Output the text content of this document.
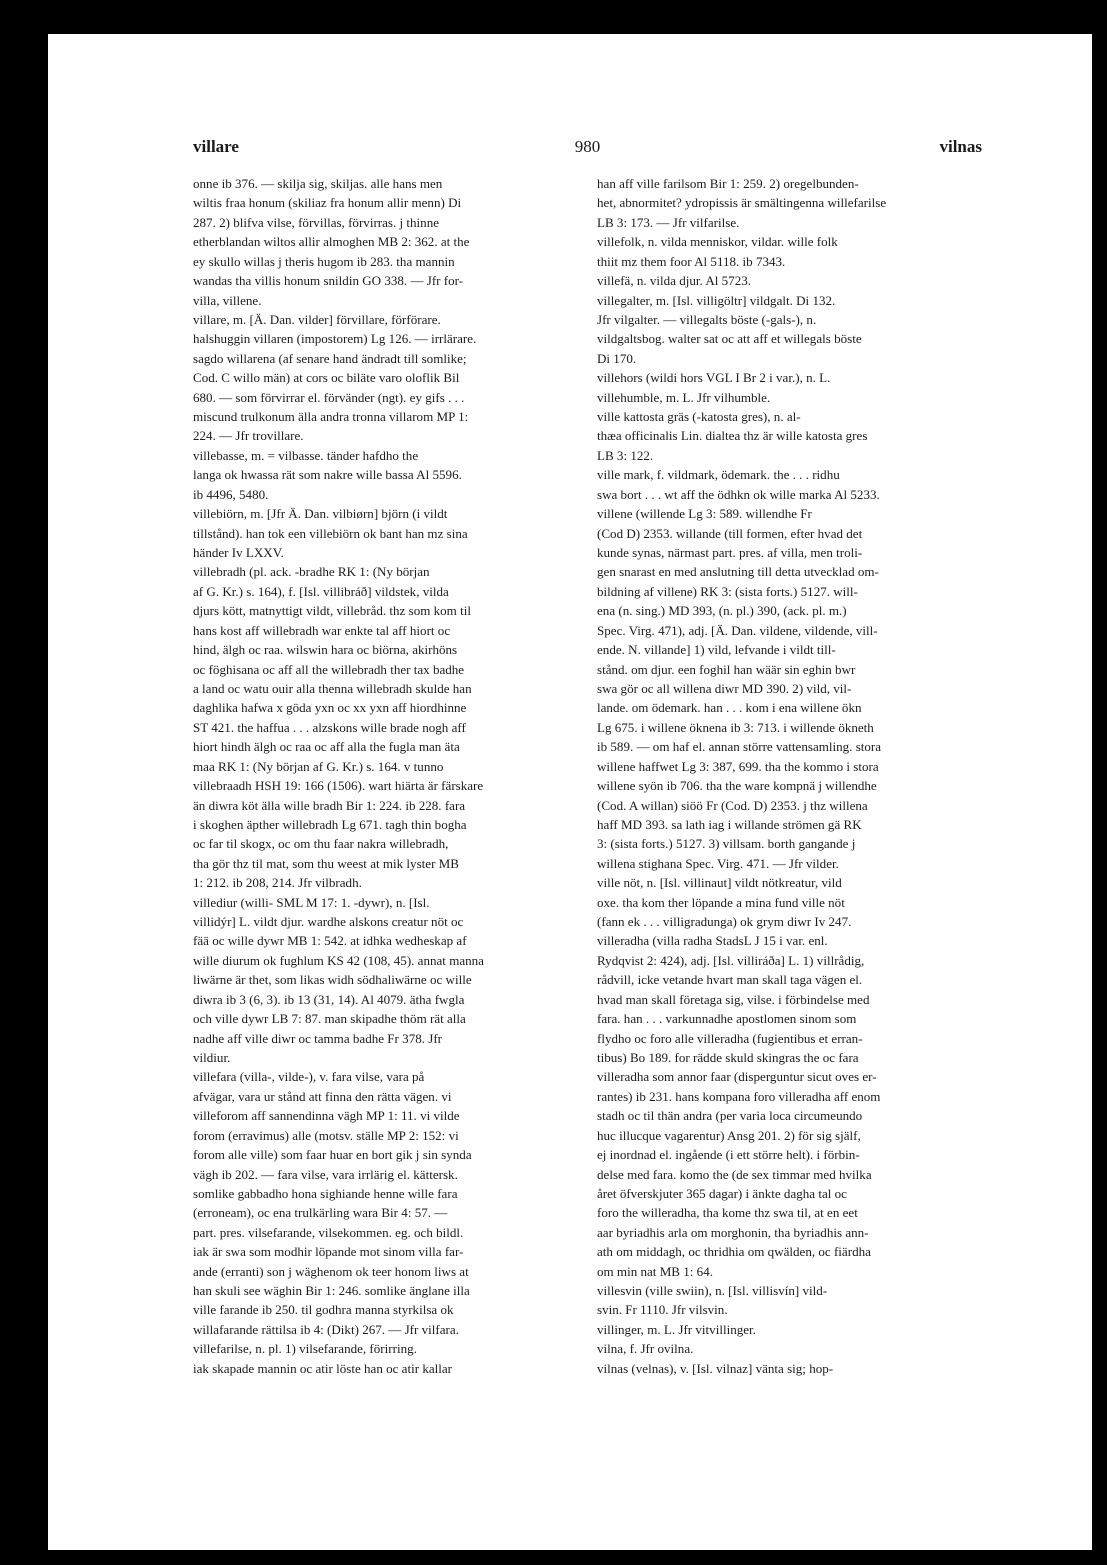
villare	980	vilnas
onne ib 376. — skilja sig, skiljas. alle hans men
wiltis fraa honum (skiliaz fra honum allir menn) Di
287. 2) blifva vilse, förvillas, förvirras. j thinne
etherblandan wiltos allir almoghen MB 2: 362. at the
ey skullo willas j theris hugom ib 283. tha mannin
wandas tha villis honum snildin GO 338. — Jfr for-
villa, villene.
villare, m. [Ä. Dan. vilder] förvillare, förförare.
halshuggin villaren (impostorem) Lg 126. — irrlärare.
sagdo willarena (af senare hand ändradt till somlike;
Cod. C willo män) at cors oc biläte varo oloflik Bil
680. — som förvirrar el. förvänder (ngt). ey gifs . . .
miscund trulkonum älla andra tronna villarom MP 1:
224. — Jfr trovillare.
villebasse, m. = vilbasse. tänder hafdho the
langa ok hwassa rät som nakre wille bassa Al 5596.
ib 4496, 5480.
villebiörn, m. [Jfr Ä. Dan. vilbiørn] björn (i vildt
tillstånd). han tok een villebiörn ok bant han mz sina
händer Iv LXXV.
villebradh (pl. ack. -bradhe RK 1: (Ny början
af G. Kr.) s. 164), f. [Isl. villibráð] vildstek, vilda
djurs kött, matnyttigt vildt, villebråd. thz som kom til
hans kost aff willebradh war enkte tal aff hiort oc
hind, älgh oc raa. wilswin hara oc biörna, akirhöns
oc föghisana oc aff all the willebradh ther tax badhe
a land oc watu ouir alla thenna willebradh skulde han
daghlika hafwa x göda yxn oc xx yxn aff hiordhinne
ST 421. the haffua . . . alzskons wille brade nogh aff
hiort hindh älgh oc raa oc aff alla the fugla man äta
maa RK 1: (Ny början af G. Kr.) s. 164. v tunno
villebraadh HSH 19: 166 (1506). wart hiärta är färskare
än diwra köt älla wille bradh Bir 1: 224. ib 228. fara
i skoghen äpther willebradh Lg 671. tagh thin bogha
oc far til skogx, oc om thu faar nakra willebradh,
tha gör thz til mat, som thu weest at mik lyster MB
1: 212. ib 208, 214. Jfr vilbradh.
villediur (willi- SML M 17: 1. -dywr), n. [Isl.
villidýr] L. vildt djur. wardhe alskons creatur nöt oc
fää oc wille dywr MB 1: 542. at idhka wedheskap af
wille diurum ok fughlum KS 42 (108, 45). annat manna
liwärne är thet, som likas widh södhaliwärne oc wille
diwra ib 3 (6, 3). ib 13 (31, 14). Al 4079. ätha fwgla
och ville dywr LB 7: 87. man skipadhe thöm rät alla
nadhe aff ville diwr oc tamma badhe Fr 378. Jfr
vildiur.
villefara (villa-, vilde-), v. fara vilse, vara på
afvägar, vara ur stånd att finna den rätta vägen. vi
villeforom aff sannendinna vägh MP 1: 11. vi vilde
forom (erravimus) alle (motsv. ställe MP 2: 152: vi
forom alle ville) som faar huar en bort gik j sin synda
vägh ib 202. — fara vilse, vara irrlärig el. kättersk.
somlike gabbadho hona sighiande henne wille fara
(erroneam), oc ena trulkärling wara Bir 4: 57. —
part. pres. vilsefarande, vilsekommen. eg. och bildl.
iak är swa som modhir löpande mot sinom villa far-
ande (erranti) son j wäghenom ok teer honom liws at
han skuli see wäghin Bir 1: 246. somlike änglane illa
ville farande ib 250. til godhra manna styrkilsa ok
willafarande rättilsa ib 4: (Dikt) 267. — Jfr vilfara.
villefarilse, n. pl. 1) vilsefarande, förirring.
iak skapade mannin oc atir löste han oc atir kallar
han aff ville farilsom Bir 1: 259. 2) oregelbunden-
het, abnormitet? ydropissis är smältingenna willefarilse
LB 3: 173. — Jfr vilfarilse.
villefolk, n. vilda menniskor, vildar. wille folk
thiit mz them foor Al 5118. ib 7343.
villefä, n. vilda djur. Al 5723.
villegalter, m. [Isl. villigöltr] vildgalt. Di 132.
Jfr vilgalter. — villegalts böste (-gals-), n.
vildgaltsbog. walter sat oc att aff et willegals böste
Di 170.
villehors (wildi hors VGL I Br 2 i var.), n. L.
villehumble, m. L. Jfr vilhumble.
ville kattosta gräs (-katosta gres), n. al-
thæa officinalis Lin. dialtea thz är wille katosta gres
LB 3: 122.
ville mark, f. vildmark, ödemark. the . . . ridhu
swa bort . . . wt aff the ödhkn ok wille marka Al 5233.
villene (willende Lg 3: 589. willendhe Fr
(Cod D) 2353. willande (till formen, efter hvad det
kunde synas, närmast part. pres. af villa, men troli-
gen snarast en med anslutning till detta utvecklad om-
bildning af villene) RK 3: (sista forts.) 5127. will-
ena (n. sing.) MD 393, (n. pl.) 390, (ack. pl. m.)
Spec. Virg. 471), adj. [Ä. Dan. vildene, vildende, vill-
ende. N. villande] 1) vild, lefvande i vildt till-
stånd. om djur. een foghil han wäär sin eghin bwr
swa gör oc all willena diwr MD 390. 2) vild, vil-
lande. om ödemark. han . . . kom i ena willene ökn
Lg 675. i willene öknena ib 3: 713. i willende ökneth
ib 589. — om haf el. annan större vattensamling. stora
willene haffwet Lg 3: 387, 699. tha the kommo i stora
willene syön ib 706. tha the ware kompnä j willendhe
(Cod. A willan) siöö Fr (Cod. D) 2353. j thz willena
haff MD 393. sa lath iag i willande strömen gä RK
3: (sista forts.) 5127. 3) villsam. borth gangande j
willena stighana Spec. Virg. 471. — Jfr vilder.
ville nöt, n. [Isl. villinaut] vildt nötkreatur, vild
oxe. tha kom ther löpande a mina fund ville nöt
(fann ek . . . villigradunga) ok grym diwr Iv 247.
villeradha (villa radha StadsL J 15 i var. enl.
Rydqvist 2: 424), adj. [Isl. villiráða] L. 1) villrådig,
rådvill, icke vetande hvart man skall taga vägen el.
hvad man skall företaga sig, vilse. i förbindelse med
fara. han . . . varkunnadhe apostlomen sinom som
flydho oc foro alle villeradha (fugientibus et erran-
tibus) Bo 189. for rädde skuld skingras the oc fara
villeradha som annor faar (disperguntur sicut oves er-
rantes) ib 231. hans kompana foro villeradha aff enom
stadh oc til thän andra (per varia loca circumeundo
huc illucque vagarentur) Ansg 201. 2) för sig själf,
ej inordnad el. ingående (i ett större helt). i förbin-
delse med fara. komo the (de sex timmar med hvilka
året öfverskjuter 365 dagar) i änkte dagha tal oc
foro the willeradha, tha kome thz swa til, at en eet
aar byriadhis arla om morghonin, tha byriadhis ann-
ath om middagh, oc thridhia om qwälden, oc fiärdha
om min nat MB 1: 64.
villesvin (ville swiin), n. [Isl. villisvín] vild-
svin. Fr 1110. Jfr vilsvin.
villinger, m. L. Jfr vitvillinger.
vilna, f. Jfr ovilna.
vilnas (velnas), v. [Isl. vilnaz] vänta sig; hop-
